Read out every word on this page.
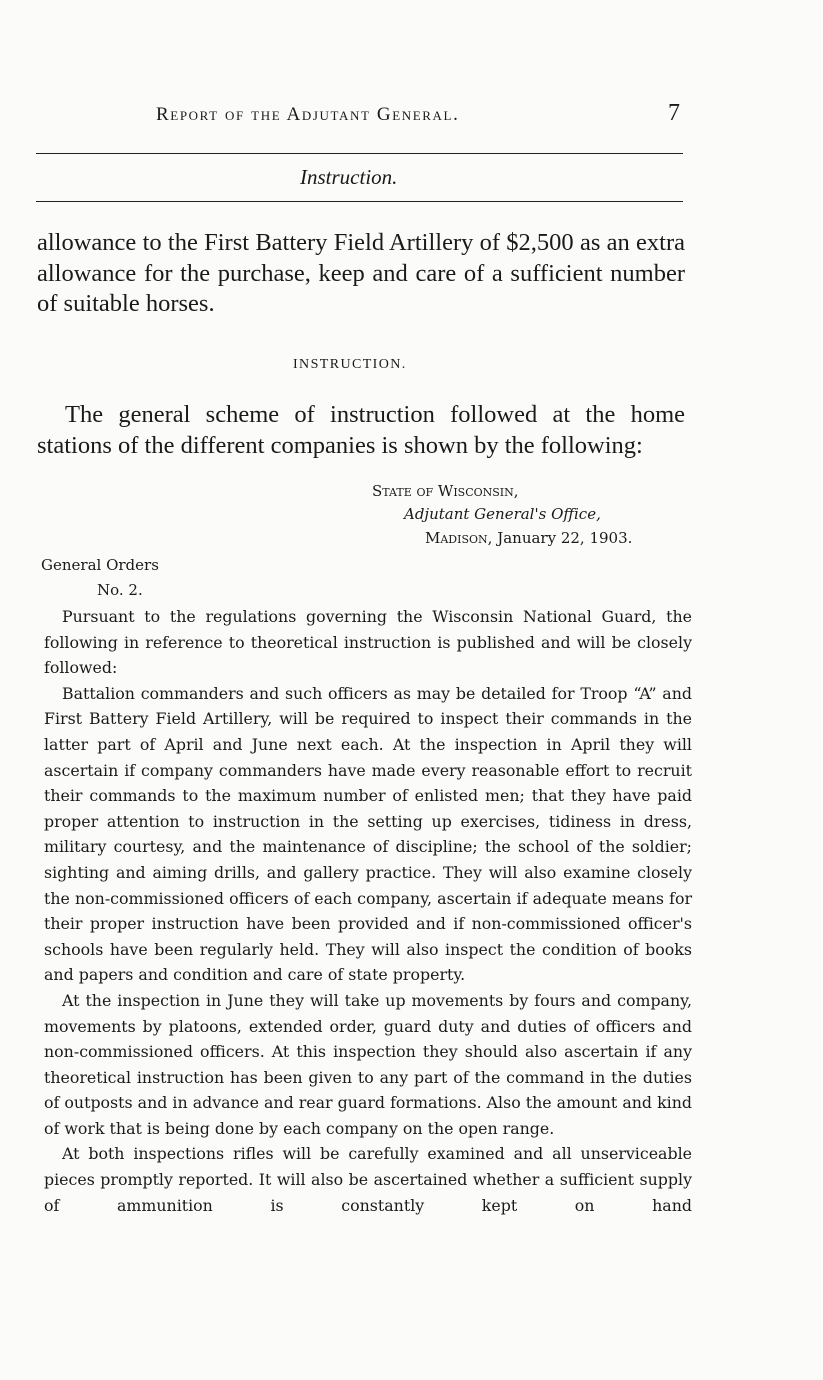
Report of the Adjutant General.	7
Instruction.

allowance to the First Battery Field Artillery of $2,500 as an extra allowance for the purchase, keep and care of a sufficient number of suitable horses.

INSTRUCTION.

The general scheme of instruction followed at the home stations of the different companies is shown by the following:

State of Wisconsin,
Adjutant General's Office,
Madison, January 22, 1903.
General Orders
No. 2.

Pursuant to the regulations governing the Wisconsin National Guard, the following in reference to theoretical instruction is published and will be closely followed:

Battalion commanders and such officers as may be detailed for Troop “A” and First Battery Field Artillery, will be required to inspect their commands in the latter part of April and June next each. At the inspection in April they will ascertain if company commanders have made every reasonable effort to recruit their commands to the maximum number of enlisted men; that they have paid proper attention to instruction in the setting up exercises, tidiness in dress, military courtesy, and the maintenance of discipline; the school of the soldier; sighting and aiming drills, and gallery practice. They will also examine closely the non-commissioned officers of each company, ascertain if adequate means for their proper instruction have been provided and if non-commissioned officer's schools have been regularly held. They will also inspect the condition of books and papers and condition and care of state property.

At the inspection in June they will take up movements by fours and company, movements by platoons, extended order, guard duty and duties of officers and non-commissioned officers. At this inspection they should also ascertain if any theoretical instruction has been given to any part of the command in the duties of outposts and in advance and rear guard formations. Also the amount and kind of work that is being done by each company on the open range.

At both inspections rifles will be carefully examined and all unserviceable pieces promptly reported. It will also be ascertained whether a sufficient supply of ammunition is constantly kept on hand
